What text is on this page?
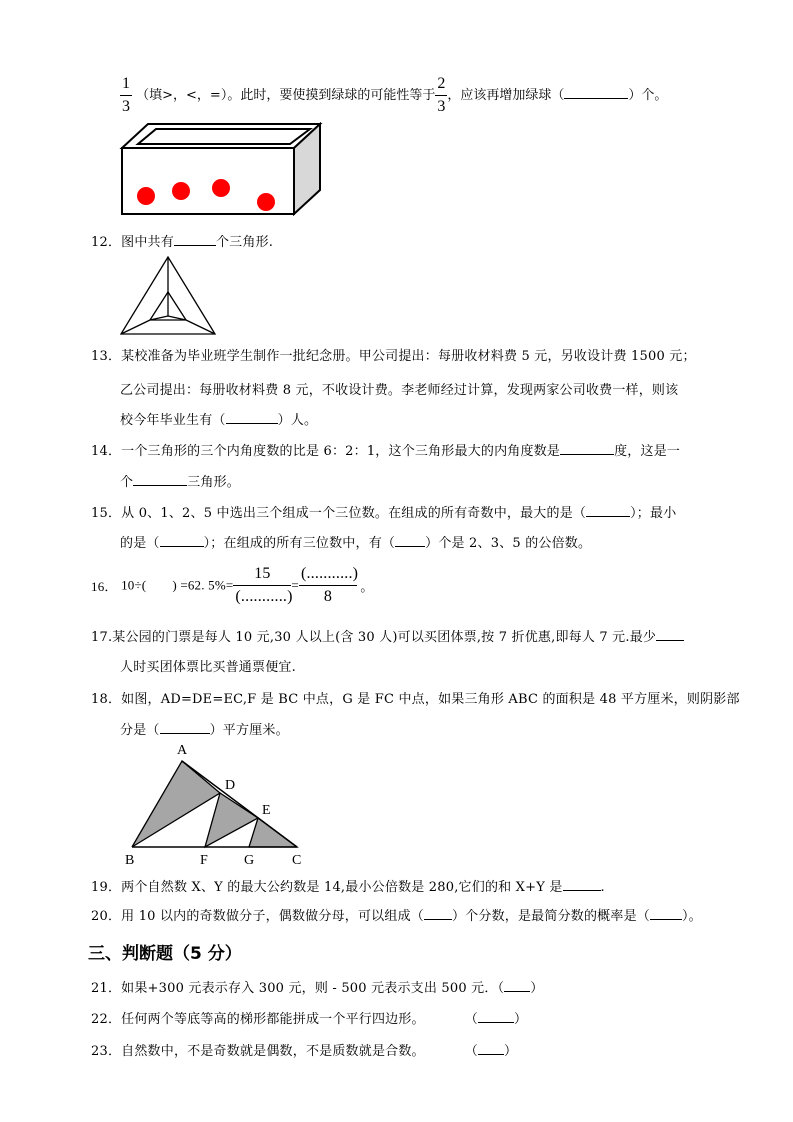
$\frac{1}{3}$ （填>，<，=）。此时，要使摸到绿球的可能性等于 $\frac{2}{3}$ ，应该再增加绿球（	）个。
12．图中共有	个三角形.
13．某校准备为毕业班学生制作一批纪念册。甲公司提出：每册收材料费 5 元，另收设计费 1500 元；
乙公司提出：每册收材料费 8 元，不收设计费。李老师经过计算，发现两家公司收费一样，则该
校今年毕业生有（	）人。
14．一个三角形的三个内角度数的比是 6：2：1，这个三角形最大的内角度数是	度，这是一
个	三角形。
15．从 0、1、2、5 中选出三个组成一个三位数。在组成的所有奇数中，最大的是（	）；最小
的是（	）；在组成的所有三位数中，有（ ）个是 2、3、5 的公倍数。
16． 10÷( ) =62. $5\%= \frac{15}{(...........)} = \frac{(...........)}{8}$ 。
17.某公园的门票是每人 10 元,30 人以上(含 30 人)可以买团体票,按 7 折优惠,即每人 7 元.最少
人时买团体票比买普通票便宜.
18．如图，AD=DE=EC,F 是 BC 中点，G 是 FC 中点，如果三角形 ABC 的面积是 48 平方厘米，则阴影部
分是（	）平方厘米。
A
B	C
D
E
F	G
19．两个自然数 X、Y 的最大公约数是 14,最小公倍数是 280,它们的和 X+Y 是	.
20．用 10 以内的奇数做分子，偶数做分母，可以组成（ ）个分数，是最简分数的概率是（ ）。
三、判断题（5 分）
21．如果+300 元表示存入 300 元，则 - 500 元表示支出 500 元．（ ）
22．任何两个等底等高的梯形都能拼成一个平行四边形。	（	）
23．自然数中，不是奇数就是偶数，不是质数就是合数。	（ ）
